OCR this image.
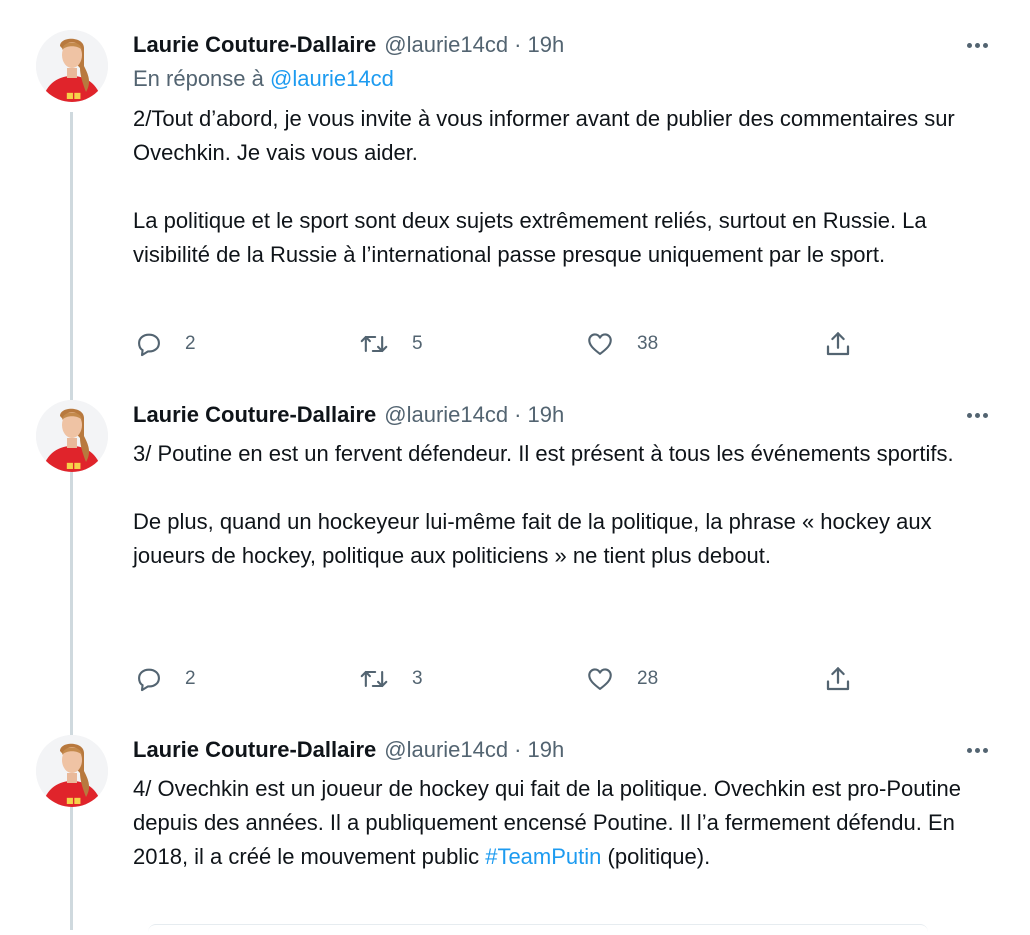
■■
Laurie Couture-Dallaire @laurie14cd · 19h
En réponse à @laurie14cd

2/Tout d’abord, je vous invite à vous informer avant de publier des commentaires sur Ovechkin. Je vais vous aider.

La politique et le sport sont deux sujets extrêmement reliés, surtout en Russie. La visibilité de la Russie à l’international passe presque uniquement par le sport.

2	5	38
■■
Laurie Couture-Dallaire @laurie14cd · 19h

3/ Poutine en est un fervent défendeur. Il est présent à tous les événements sportifs.

De plus, quand un hockeyeur lui-même fait de la politique, la phrase « hockey aux joueurs de hockey, politique aux politiciens » ne tient plus debout.

2	3	28
■■
Laurie Couture-Dallaire @laurie14cd · 19h

4/ Ovechkin est un joueur de hockey qui fait de la politique. Ovechkin est pro-Poutine depuis des années. Il a publiquement encensé Poutine. Il l’a fermement défendu. En 2018, il a créé le mouvement public #TeamPutin (politique).
